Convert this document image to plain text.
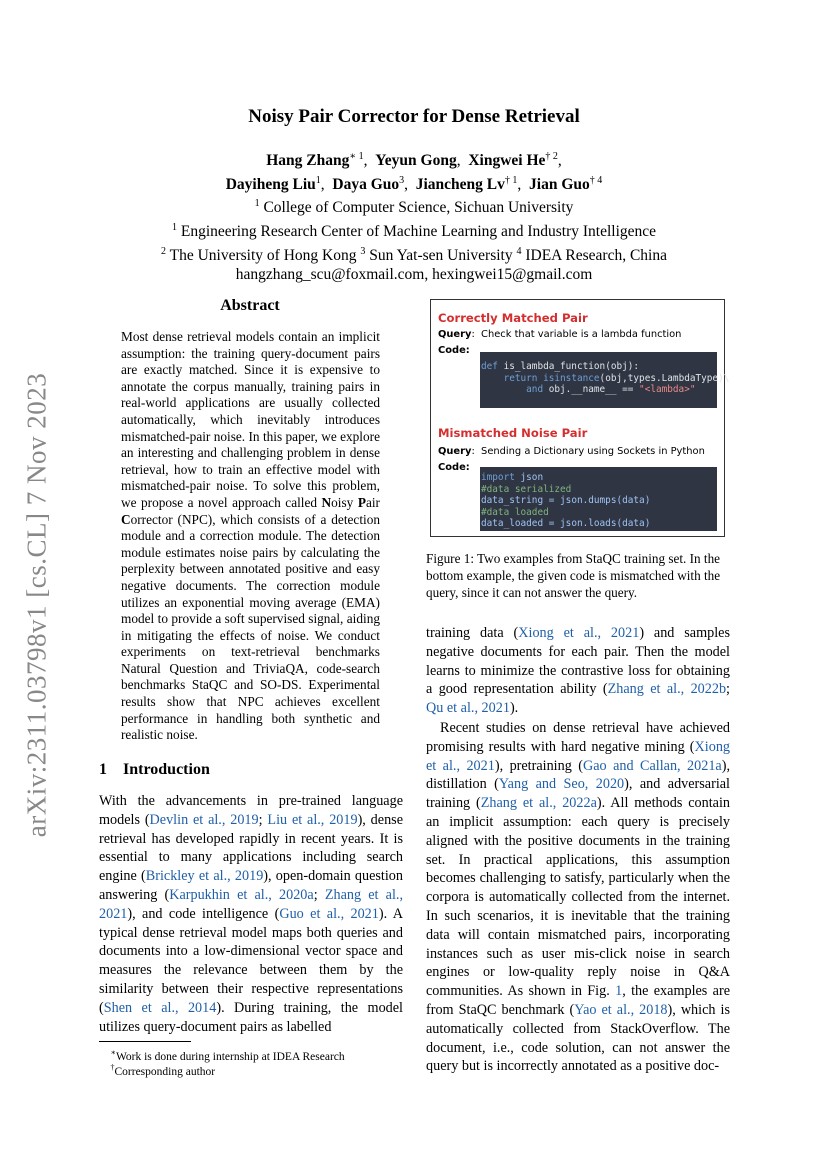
arXiv:2311.03798v1 [cs.CL] 7 Nov 2023
Noisy Pair Corrector for Dense Retrieval
Hang Zhang$^{∗ 1}$,  Yeyun Gong,  Xingwei He$^{\dagger 2}$,
Dayiheng Liu$^1$,  Daya Guo$^3$,  Jiancheng Lv$^{\dagger 1}$,  Jian Guo$^{\dagger 4}$
$^1$ College of Computer Science, Sichuan University
$^1$ Engineering Research Center of Machine Learning and Industry Intelligence
$^2$ The University of Hong Kong $^3$ Sun Yat-sen University $^4$ IDEA Research, China
hangzhang_scu@foxmail.com, hexingwei15@gmail.com
Abstract
Most dense retrieval models contain an implicit assumption: the training query-document pairs are exactly matched. Since it is expensive to annotate the corpus manually, training pairs in real-world applications are usually collected automatically, which inevitably introduces mismatched-pair noise. In this paper, we explore an interesting and challenging problem in dense retrieval, how to train an effective model with mismatched-pair noise. To solve this problem, we propose a novel approach called Noisy Pair Corrector (NPC), which consists of a detection module and a correction module. The detection module estimates noise pairs by calculating the perplexity between annotated positive and easy negative documents. The correction module utilizes an exponential moving average (EMA) model to provide a soft supervised signal, aiding in mitigating the effects of noise. We conduct experiments on text-retrieval benchmarks Natural Question and TriviaQA, code-search benchmarks StaQC and SO-DS. Experimental results show that NPC achieves excellent performance in handling both synthetic and realistic noise.
1 Introduction
With the advancements in pre-trained language models (Devlin et al., 2019; Liu et al., 2019), dense retrieval has developed rapidly in recent years. It is essential to many applications including search engine (Brickley et al., 2019), open-domain question answering (Karpukhin et al., 2020a; Zhang et al., 2021), and code intelligence (Guo et al., 2021). A typical dense retrieval model maps both queries and documents into a low-dimensional vector space and measures the relevance between them by the similarity between their respective representations (Shen et al., 2014). During training, the model utilizes query-document pairs as labelled
∗Work is done during internship at IDEA Research
†Corresponding author
Correctly Matched Pair
Query:  Check that variable is a lambda function
Code:
def is_lambda_function(obj):
return isinstance(obj,types.LambdaType)\
and obj.__name__ == "<lambda>"
Mismatched Noise Pair
Query:  Sending a Dictionary using Sockets in Python
Code:
import json
#data serialized
data_string = json.dumps(data)
#data loaded
data_loaded = json.loads(data)
Figure 1: Two examples from StaQC training set. In the bottom example, the given code is mismatched with the query, since it can not answer the query.

training data (Xiong et al., 2021) and samples negative documents for each pair. Then the model learns to minimize the contrastive loss for obtaining a good representation ability (Zhang et al., 2022b; Qu et al., 2021).

Recent studies on dense retrieval have achieved promising results with hard negative mining (Xiong et al., 2021), pretraining (Gao and Callan, 2021a), distillation (Yang and Seo, 2020), and adversarial training (Zhang et al., 2022a). All methods contain an implicit assumption: each query is precisely aligned with the positive documents in the training set. In practical applications, this assumption becomes challenging to satisfy, particularly when the corpora is automatically collected from the internet. In such scenarios, it is inevitable that the training data will contain mismatched pairs, incorporating instances such as user mis-click noise in search engines or low-quality reply noise in Q&A communities. As shown in Fig. 1, the examples are from StaQC benchmark (Yao et al., 2018), which is automatically collected from StackOverflow. The document, i.e., code solution, can not answer the query but is incorrectly annotated as a positive doc-
